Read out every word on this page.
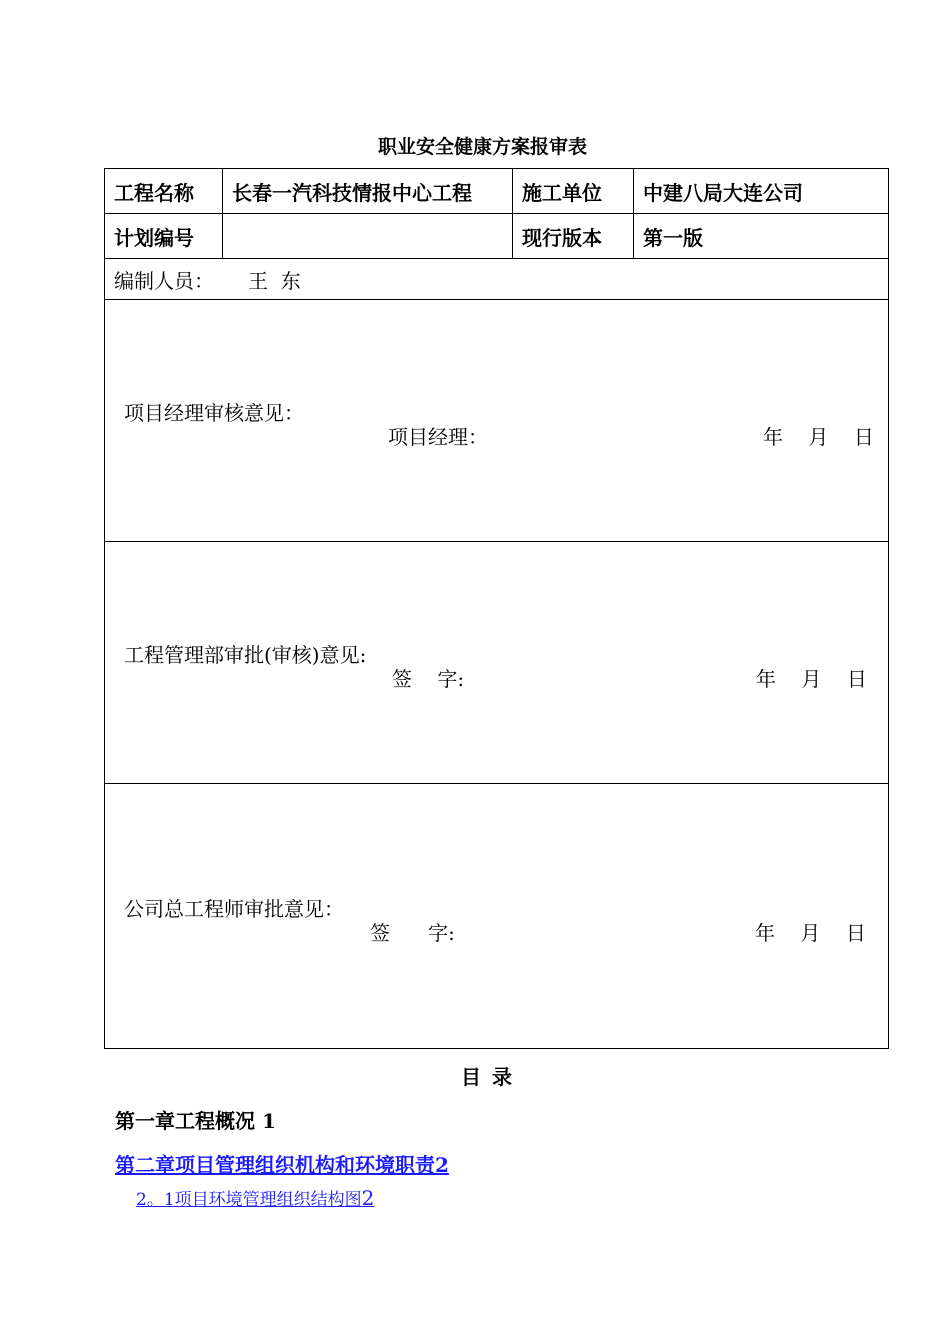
职业安全健康方案报审表
工程名称	长春一汽科技情报中心工程	施工单位	中建八局大连公司
计划编号		现行版本	第一版
编制人员： 王  东			

项目经理审核意见：
项目经理： 年    月    日			

工程管理部审批(审核)意见:
签    字: 年    月    日			

公司总工程师审批意见：
签      字: 年    月    日			
目 录
第一章工程概况 1
第二章项目管理组织机构和环境职责2
2。1项目环境管理组织结构图2
